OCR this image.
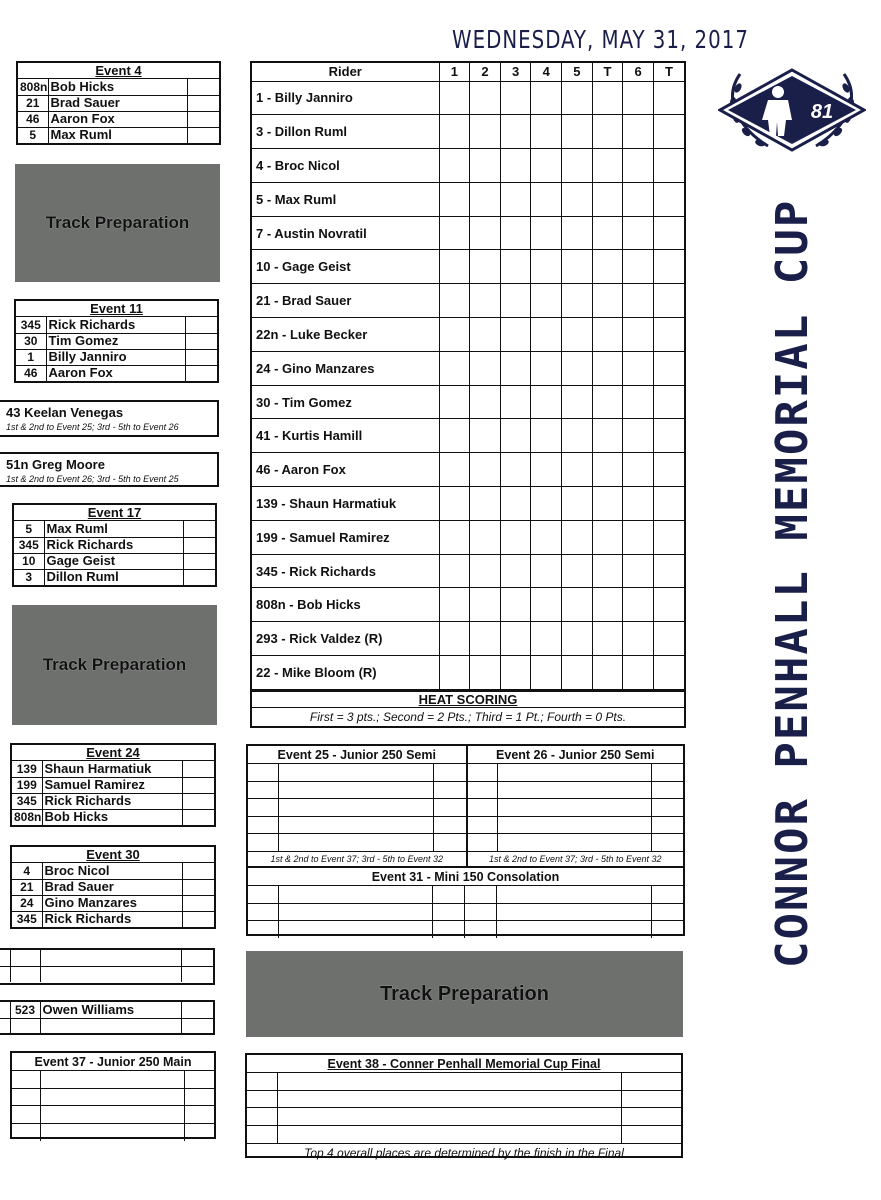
WEDNESDAY, MAY 31, 2017
Event 4
808n	Bob Hicks	
21	Brad Sauer	
46	Aaron Fox	
5	Max Ruml	
Track Preparation
Event 11
345	Rick Richards	
30	Tim Gomez	
1	Billy Janniro	
46	Aaron Fox	
43 Keelan Venegas
1st & 2nd to Event 25; 3rd - 5th to Event 26
51n Greg Moore
1st & 2nd to Event 26; 3rd - 5th to Event 25
Event 17
5	Max Ruml	
345	Rick Richards	
10	Gage Geist	
3	Dillon Ruml	
Track Preparation
Event 24
139	Shaun Harmatiuk	
199	Samuel Ramirez	
345	Rick Richards	
808n	Bob Hicks	
Event 30
4	Broc Nicol	
21	Brad Sauer	
24	Gino Manzares	
345	Rick Richards	

	523	Owen Williams	

Event 37 - Junior 250 Main

Rider	1	2	3	4	5	T	6	T
1 - Billy Janniro								
3 - Dillon Ruml								
4 - Broc Nicol								
5 - Max Ruml								
7 - Austin Novratil								
10 - Gage Geist								
21 - Brad Sauer								
22n - Luke Becker								
24 - Gino Manzares								
30 - Tim Gomez								
41 - Kurtis Hamill								
46 - Aaron Fox								
139 - Shaun Harmatiuk								
199 - Samuel Ramirez								
345 - Rick Richards								
808n - Bob Hicks								
293 - Rick Valdez (R)								
22 - Mike Bloom (R)								
HEAT SCORING
First = 3 pts.; Second = 2 Pts.; Third = 1 Pt.; Fourth = 0 Pts.
Event 25 - Junior 250 Semi

1st & 2nd to Event 37; 3rd - 5th to Event 32
Event 26 - Junior 250 Semi

1st & 2nd to Event 37; 3rd - 5th to Event 32
Event 31 - Mini 150 Consolation

Track Preparation
Event 38 - Conner Penhall Memorial Cup Final

Top 4 overall places are determined by the finish in the Final
81
CONNOR PENHALL MEMORIAL CUP
